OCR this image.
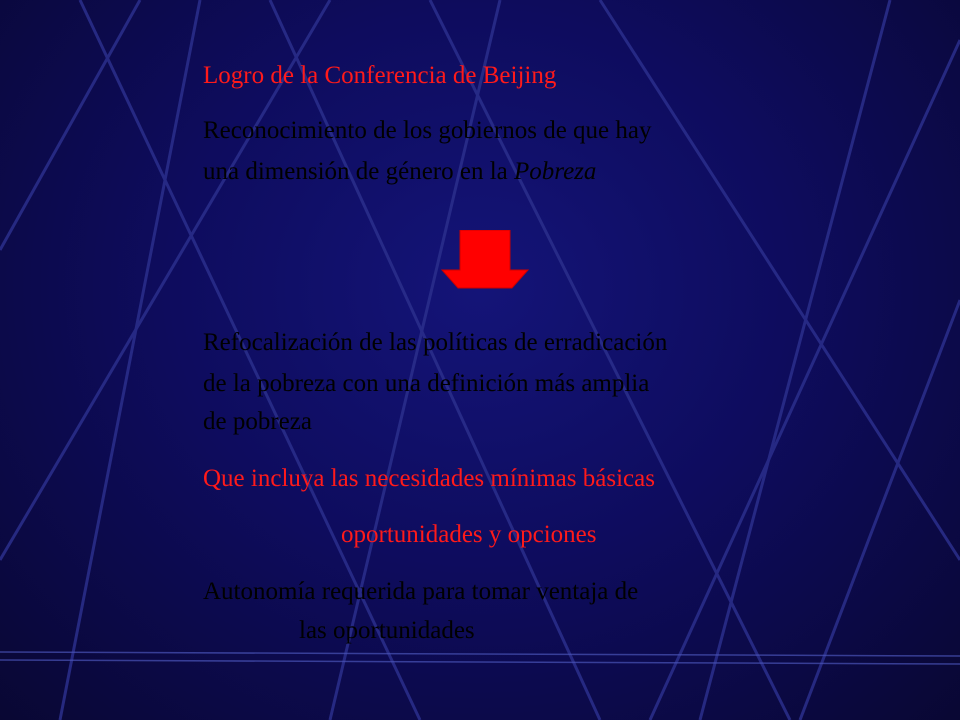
Logro de la Conferencia de Beijing

Reconocimiento de los gobiernos de que hay

una dimensión de género en la Pobreza

Refocalización de las políticas de erradicación

de la pobreza con una definición más amplia

de pobreza

Que incluya las necesidades mínimas básicas

oportunidades y opciones

Autonomía requerida para tomar ventaja de

las oportunidades
